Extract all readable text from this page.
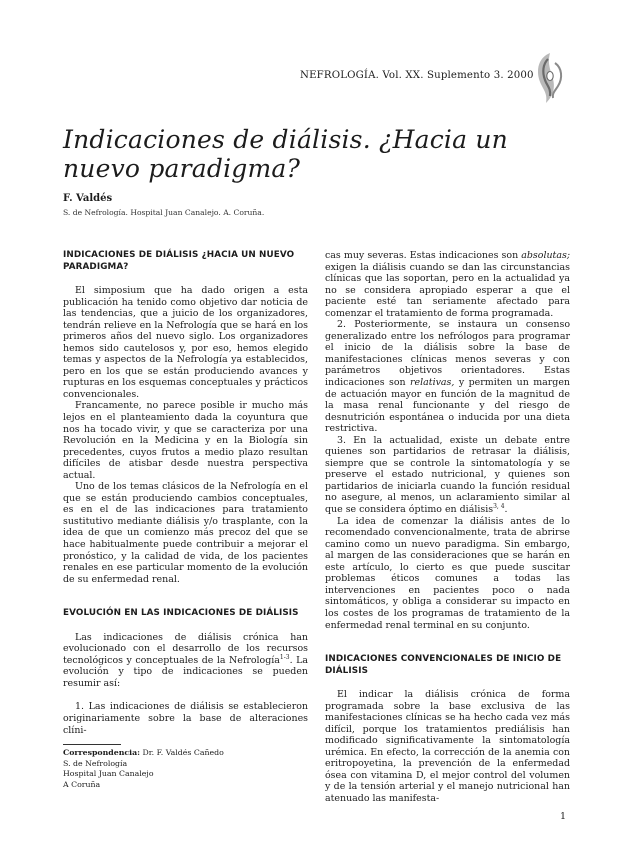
NEFROLOGÍA. Vol. XX. Suplemento 3. 2000
Indicaciones de diálisis. ¿Hacia un nuevo paradigma?
F. Valdés
S. de Nefrología. Hospital Juan Canalejo. A. Coruña.
INDICACIONES DE DIÁLISIS ¿HACIA UN NUEVO PARADIGMA?

El simposium que ha dado origen a esta publicación ha tenido como objetivo dar noticia de las tendencias, que a juicio de los organizadores, tendrán relieve en la Nefrología que se hará en los primeros años del nuevo siglo. Los organizadores hemos sido cautelosos y, por eso, hemos elegido temas y aspectos de la Nefrología ya establecidos, pero en los que se están produciendo avances y rupturas en los esquemas conceptuales y prácticos convencionales.

Francamente, no parece posible ir mucho más lejos en el planteamiento dada la coyuntura que nos ha tocado vivir, y que se caracteriza por una Revolución en la Medicina y en la Biología sin precedentes, cuyos frutos a medio plazo resultan difíciles de atisbar desde nuestra perspectiva actual.

Uno de los temas clásicos de la Nefrología en el que se están produciendo cambios conceptuales, es en el de las indicaciones para tratamiento sustitutivo mediante diálisis y/o trasplante, con la idea de que un comienzo más precoz del que se hace habitualmente puede contribuir a mejorar el pronóstico, y la calidad de vida, de los pacientes renales en ese particular momento de la evolución de su enfermedad renal.

EVOLUCIÓN EN LAS INDICACIONES DE DIÁLISIS

Las indicaciones de diálisis crónica han evolucionado con el desarrollo de los recursos tecnológicos y conceptuales de la Nefrología$^{1-3}$. La evolución y tipo de indicaciones se pueden resumir así:

1. Las indicaciones de diálisis se establecieron originariamente sobre la base de alteraciones clíni-

cas muy severas. Estas indicaciones son absolutas; exigen la diálisis cuando se dan las circunstancias clínicas que las soportan, pero en la actualidad ya no se considera apropiado esperar a que el paciente esté tan seriamente afectado para comenzar el tratamiento de forma programada.

2. Posteriormente, se instaura un consenso generalizado entre los nefrólogos para programar el inicio de la diálisis sobre la base de manifestaciones clínicas menos severas y con parámetros objetivos orientadores. Estas indicaciones son relativas, y permiten un margen de actuación mayor en función de la magnitud de la masa renal funcionante y del riesgo de desnutrición espontánea o inducida por una dieta restrictiva.

3. En la actualidad, existe un debate entre quienes son partidarios de retrasar la diálisis, siempre que se controle la sintomatología y se preserve el estado nutricional, y quienes son partidarios de iniciarla cuando la función residual no asegure, al menos, un aclaramiento similar al que se considera óptimo en diálisis$^{3, 4}$.

La idea de comenzar la diálisis antes de lo recomendado convencionalmente, trata de abrirse camino como un nuevo paradigma. Sin embargo, al margen de las consideraciones que se harán en este artículo, lo cierto es que puede suscitar problemas éticos comunes a todas las intervenciones en pacientes poco o nada sintomáticos, y obliga a considerar su impacto en los costes de los programas de tratamiento de la enfermedad renal terminal en su conjunto.

INDICACIONES CONVENCIONALES DE INICIO DE DIÁLISIS

El indicar la diálisis crónica de forma programada sobre la base exclusiva de las manifestaciones clínicas se ha hecho cada vez más difícil, porque los tratamientos prediálisis han modificado significativamente la sintomatología urémica. En efecto, la corrección de la anemia con eritropoyetina, la prevención de la enfermedad ósea con vitamina D, el mejor control del volumen y de la tensión arterial y el manejo nutricional han atenuado las manifesta-

Correspondencia: Dr. F. Valdés Cañedo
S. de Nefrología
Hospital Juan Canalejo
A Coruña
1
